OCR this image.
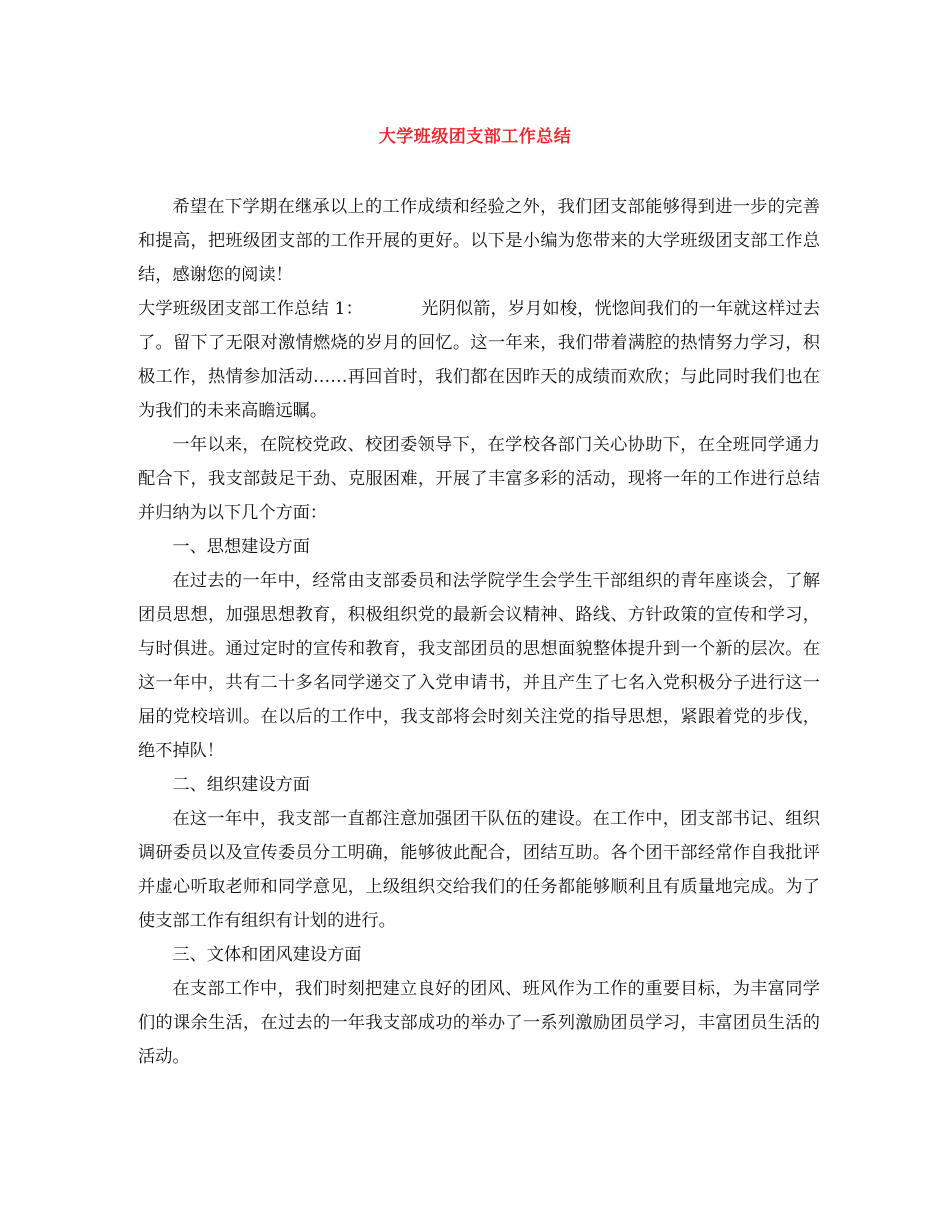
大学班级团支部工作总结

希望在下学期在继承以上的工作成绩和经验之外，我们团支部能够得到进一步的完善和提高，把班级团支部的工作开展的更好。以下是小编为您带来的大学班级团支部工作总结，感谢您的阅读！

大学班级团支部工作总结 1：	光阴似箭，岁月如梭，恍惚间我们的一年就这样过去了。留下了无限对激情燃烧的岁月的回忆。这一年来，我们带着满腔的热情努力学习，积极工作，热情参加活动……再回首时，我们都在因昨天的成绩而欢欣；与此同时我们也在为我们的未来高瞻远瞩。

一年以来，在院校党政、校团委领导下，在学校各部门关心协助下，在全班同学通力配合下，我支部鼓足干劲、克服困难，开展了丰富多彩的活动，现将一年的工作进行总结并归纳为以下几个方面：

一、思想建设方面

在过去的一年中，经常由支部委员和法学院学生会学生干部组织的青年座谈会，了解团员思想，加强思想教育，积极组织党的最新会议精神、路线、方针政策的宣传和学习，与时俱进。通过定时的宣传和教育，我支部团员的思想面貌整体提升到一个新的层次。在这一年中，共有二十多名同学递交了入党申请书，并且产生了七名入党积极分子进行这一届的党校培训。在以后的工作中，我支部将会时刻关注党的指导思想，紧跟着党的步伐，绝不掉队！

二、组织建设方面

在这一年中，我支部一直都注意加强团干队伍的建设。在工作中，团支部书记、组织调研委员以及宣传委员分工明确，能够彼此配合，团结互助。各个团干部经常作自我批评并虚心听取老师和同学意见，上级组织交给我们的任务都能够顺利且有质量地完成。为了使支部工作有组织有计划的进行。

三、文体和团风建设方面

在支部工作中，我们时刻把建立良好的团风、班风作为工作的重要目标，为丰富同学们的课余生活，在过去的一年我支部成功的举办了一系列激励团员学习，丰富团员生活的活动。
